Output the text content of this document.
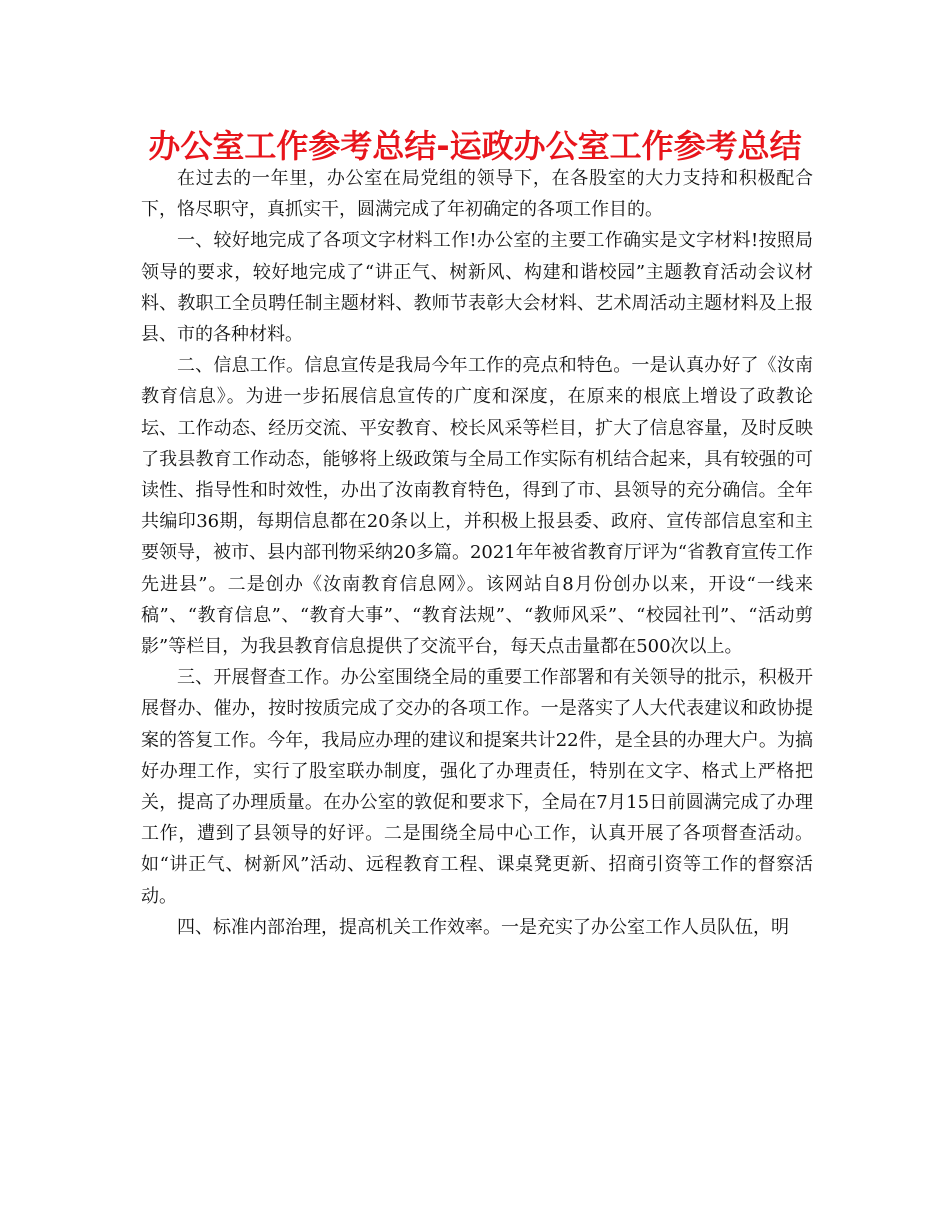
办公室工作参考总结-运政办公室工作参考总结

在过去的一年里，办公室在局党组的领导下，在各股室的大力支持和积极配合下，恪尽职守，真抓实干，圆满完成了年初确定的各项工作目的。

一、较好地完成了各项文字材料工作!办公室的主要工作确实是文字材料!按照局领导的要求，较好地完成了“讲正气、树新风、构建和谐校园”主题教育活动会议材料、教职工全员聘任制主题材料、教师节表彰大会材料、艺术周活动主题材料及上报县、市的各种材料。

二、信息工作。信息宣传是我局今年工作的亮点和特色。一是认真办好了《汝南教育信息》。为进一步拓展信息宣传的广度和深度，在原来的根底上增设了政教论坛、工作动态、经历交流、平安教育、校长风采等栏目，扩大了信息容量，及时反映了我县教育工作动态，能够将上级政策与全局工作实际有机结合起来，具有较强的可读性、指导性和时效性，办出了汝南教育特色，得到了市、县领导的充分确信。全年共编印36期，每期信息都在20条以上，并积极上报县委、政府、宣传部信息室和主要领导，被市、县内部刊物采纳20多篇。2021年年被省教育厅评为“省教育宣传工作先进县”。二是创办《汝南教育信息网》。该网站自8月份创办以来，开设“一线来稿”、“教育信息”、“教育大事”、“教育法规”、“教师风采”、“校园社刊”、“活动剪影”等栏目，为我县教育信息提供了交流平台，每天点击量都在500次以上。

三、开展督查工作。办公室围绕全局的重要工作部署和有关领导的批示，积极开展督办、催办，按时按质完成了交办的各项工作。一是落实了人大代表建议和政协提案的答复工作。今年，我局应办理的建议和提案共计22件，是全县的办理大户。为搞好办理工作，实行了股室联办制度，强化了办理责任，特别在文字、格式上严格把关，提高了办理质量。在办公室的敦促和要求下，全局在7月15日前圆满完成了办理工作，遭到了县领导的好评。二是围绕全局中心工作，认真开展了各项督查活动。如“讲正气、树新风”活动、远程教育工程、课桌凳更新、招商引资等工作的督察活动。

四、标准内部治理，提高机关工作效率。一是充实了办公室工作人员队伍，明
